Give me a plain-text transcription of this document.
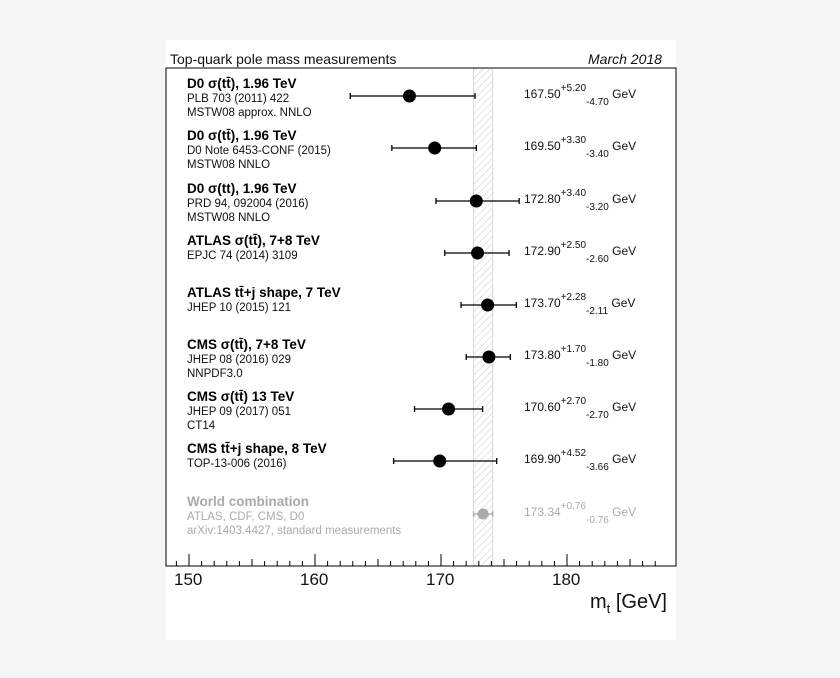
Top-quark pole mass measurements	March 2018
150	160	170	180
D0 σ(tt̄), 1.96 TeV
PLB 703 (2011) 422
MSTW08 approx. NNLO
$167.50^{+5.20}_{-4.70}$ GeV
D0 σ(tt̄), 1.96 TeV
D0 Note 6453-CONF (2015)
MSTW08 NNLO
$169.50^{+3.30}_{-3.40}$ GeV
D0 σ(tt), 1.96 TeV
PRD 94, 092004 (2016)
MSTW08 NNLO
$172.80^{+3.40}_{-3.20}$ GeV
ATLAS σ(tt̄), 7+8 TeV
EPJC 74 (2014) 3109	$172.90^{+2.50}_{-2.60}$ GeV
ATLAS tt̄+j shape, 7 TeV
JHEP 10 (2015) 121	$173.70^{+2.28}_{-2.11}$ GeV
CMS σ(tt̄), 7+8 TeV
JHEP 08 (2016) 029
NNPDF3.0
$173.80^{+1.70}_{-1.80}$ GeV
CMS σ(tt̄) 13 TeV
JHEP 09 (2017) 051
CT14
$170.60^{+2.70}_{-2.70}$ GeV
CMS tt̄+j shape, 8 TeV
TOP-13-006 (2016)	$169.90^{+4.52}_{-3.66}$ GeV
World combination
ATLAS, CDF, CMS, D0
arXiv:1403.4427, standard measurements
$173.34^{+0.76}_{-0.76}$ GeV
$m_t$ [GeV]
